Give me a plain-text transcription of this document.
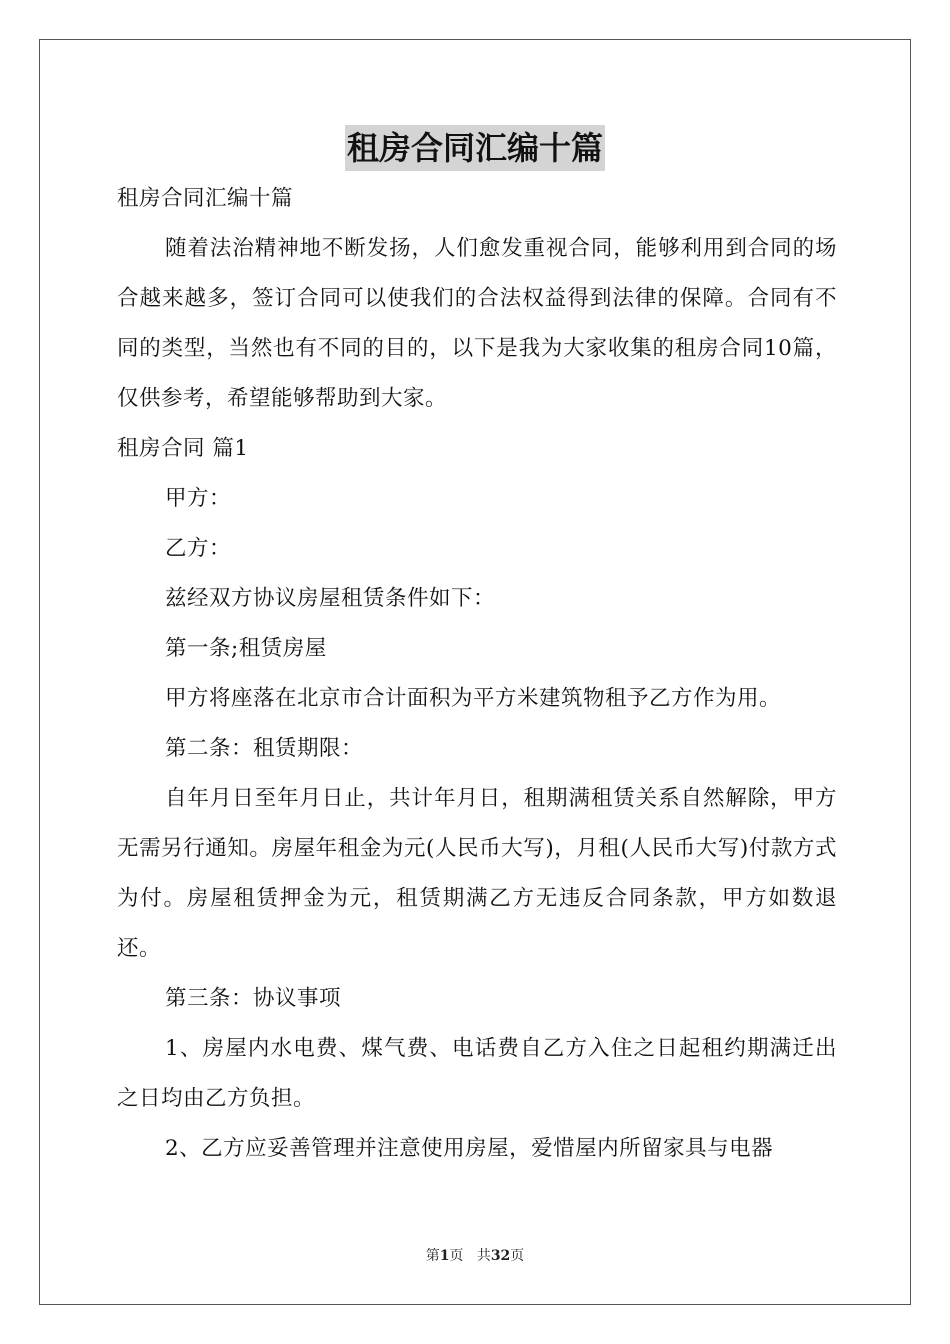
租房合同汇编十篇

租房合同汇编十篇

随着法治精神地不断发扬，人们愈发重视合同，能够利用到合同的场合越来越多，签订合同可以使我们的合法权益得到法律的保障。合同有不同的类型，当然也有不同的目的，以下是我为大家收集的租房合同10篇，仅供参考，希望能够帮助到大家。

租房合同 篇1

甲方：

乙方：

兹经双方协议房屋租赁条件如下：

第一条;租赁房屋

甲方将座落在北京市合计面积为平方米建筑物租予乙方作为用。

第二条：租赁期限：

自年月日至年月日止，共计年月日，租期满租赁关系自然解除，甲方无需另行通知。房屋年租金为元(人民币大写)，月租(人民币大写)付款方式为付。房屋租赁押金为元，租赁期满乙方无违反合同条款，甲方如数退还。

第三条：协议事项

1、房屋内水电费、煤气费、电话费自乙方入住之日起租约期满迁出之日均由乙方负担。

2、乙方应妥善管理并注意使用房屋，爱惜屋内所留家具与电器

第1页 共32页
